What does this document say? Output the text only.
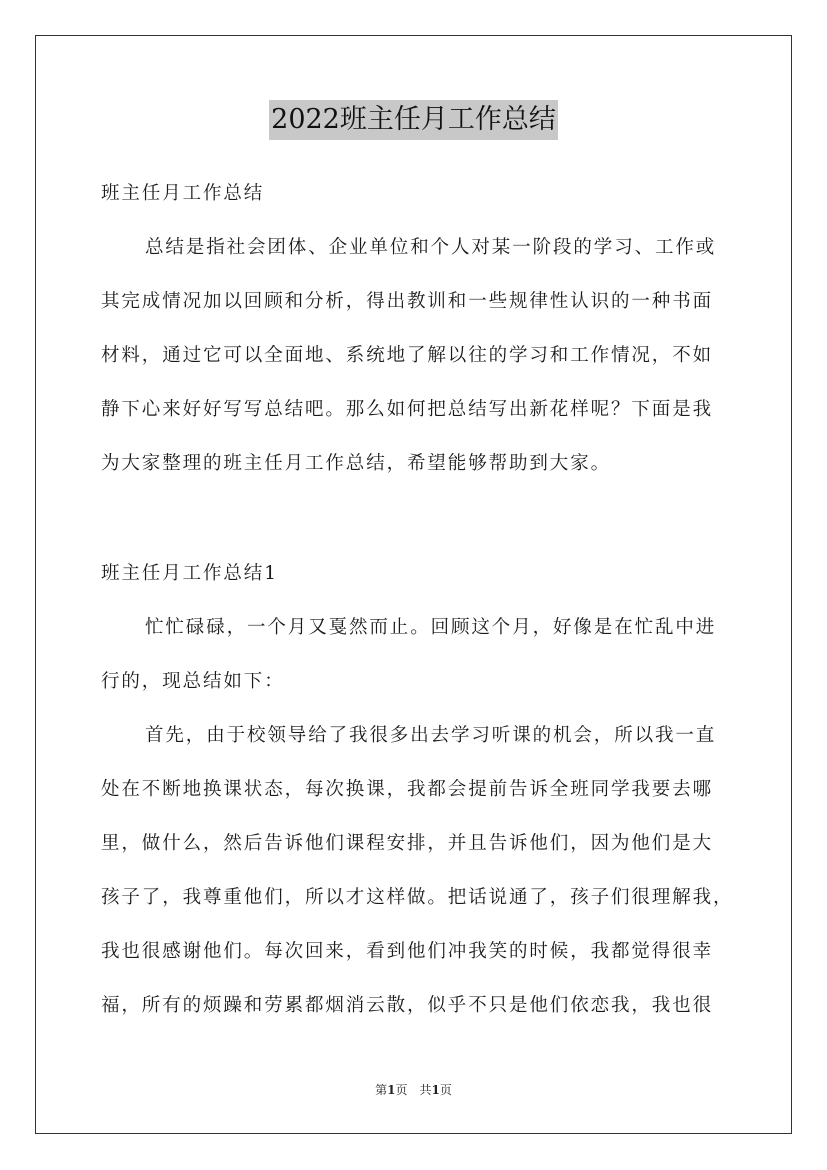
2022班主任月工作总结
班主任月工作总结
总结是指社会团体、企业单位和个人对某一阶段的学习、工作或
其完成情况加以回顾和分析，得出教训和一些规律性认识的一种书面
材料，通过它可以全面地、系统地了解以往的学习和工作情况，不如
静下心来好好写写总结吧。那么如何把总结写出新花样呢？下面是我
为大家整理的班主任月工作总结，希望能够帮助到大家。
班主任月工作总结1
忙忙碌碌，一个月又戛然而止。回顾这个月，好像是在忙乱中进
行的，现总结如下：
首先，由于校领导给了我很多出去学习听课的机会，所以我一直
处在不断地换课状态，每次换课，我都会提前告诉全班同学我要去哪
里，做什么，然后告诉他们课程安排，并且告诉他们，因为他们是大
孩子了，我尊重他们，所以才这样做。把话说通了，孩子们很理解我，
我也很感谢他们。每次回来，看到他们冲我笑的时候，我都觉得很幸
福，所有的烦躁和劳累都烟消云散，似乎不只是他们依恋我，我也很
第1页　共1页
